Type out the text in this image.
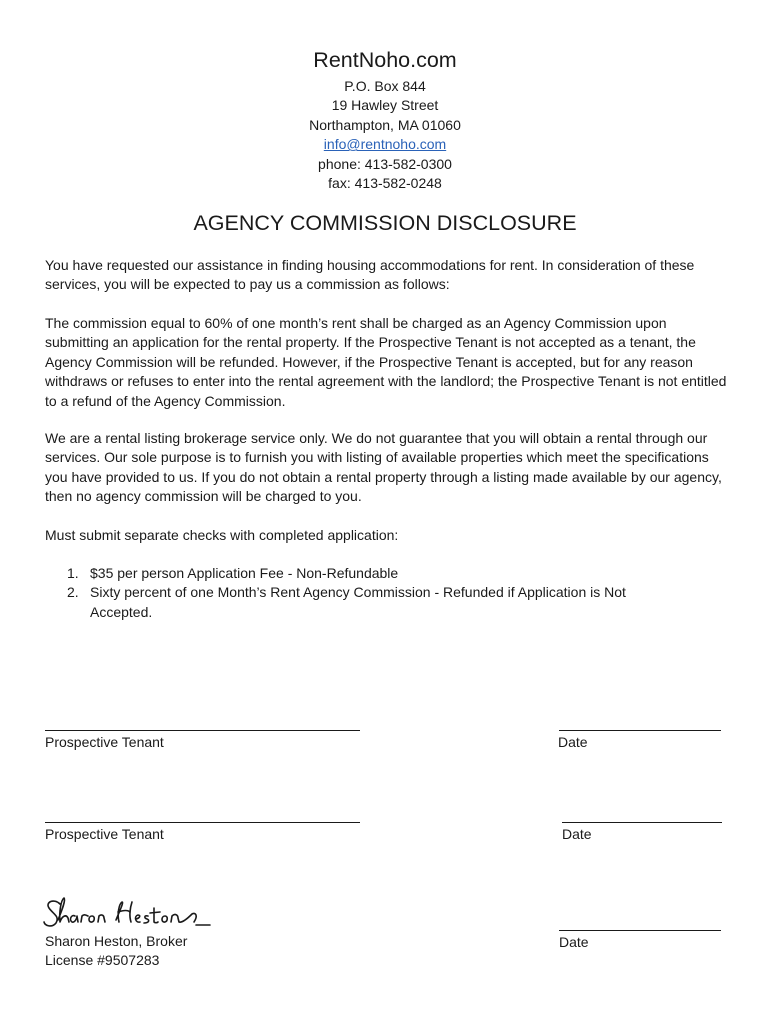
RentNoho.com
P.O. Box 844
19 Hawley Street
Northampton, MA 01060
info@rentnoho.com
phone: 413-582-0300
fax: 413-582-0248
AGENCY COMMISSION DISCLOSURE

You have requested our assistance in finding housing accommodations for rent. In consideration of these services, you will be expected to pay us a commission as follows:

The commission equal to 60% of one month’s rent shall be charged as an Agency Commission upon submitting an application for the rental property. If the Prospective Tenant is not accepted as a tenant, the Agency Commission will be refunded. However, if the Prospective Tenant is accepted, but for any reason withdraws or refuses to enter into the rental agreement with the landlord; the Prospective Tenant is not entitled to a refund of the Agency Commission.

We are a rental listing brokerage service only. We do not guarantee that you will obtain a rental through our services. Our sole purpose is to furnish you with listing of available properties which meet the specifications you have provided to us. If you do not obtain a rental property through a listing made available by our agency, then no agency commission will be charged to you.

Must submit separate checks with completed application:

1. $35 per person Application Fee - Non-Refundable
2. Sixty percent of one Month’s Rent Agency Commission - Refunded if Application is Not Accepted.
Prospective Tenant	Date
Prospective Tenant	Date
Sharon Heston, Broker
License #9507283
Date
